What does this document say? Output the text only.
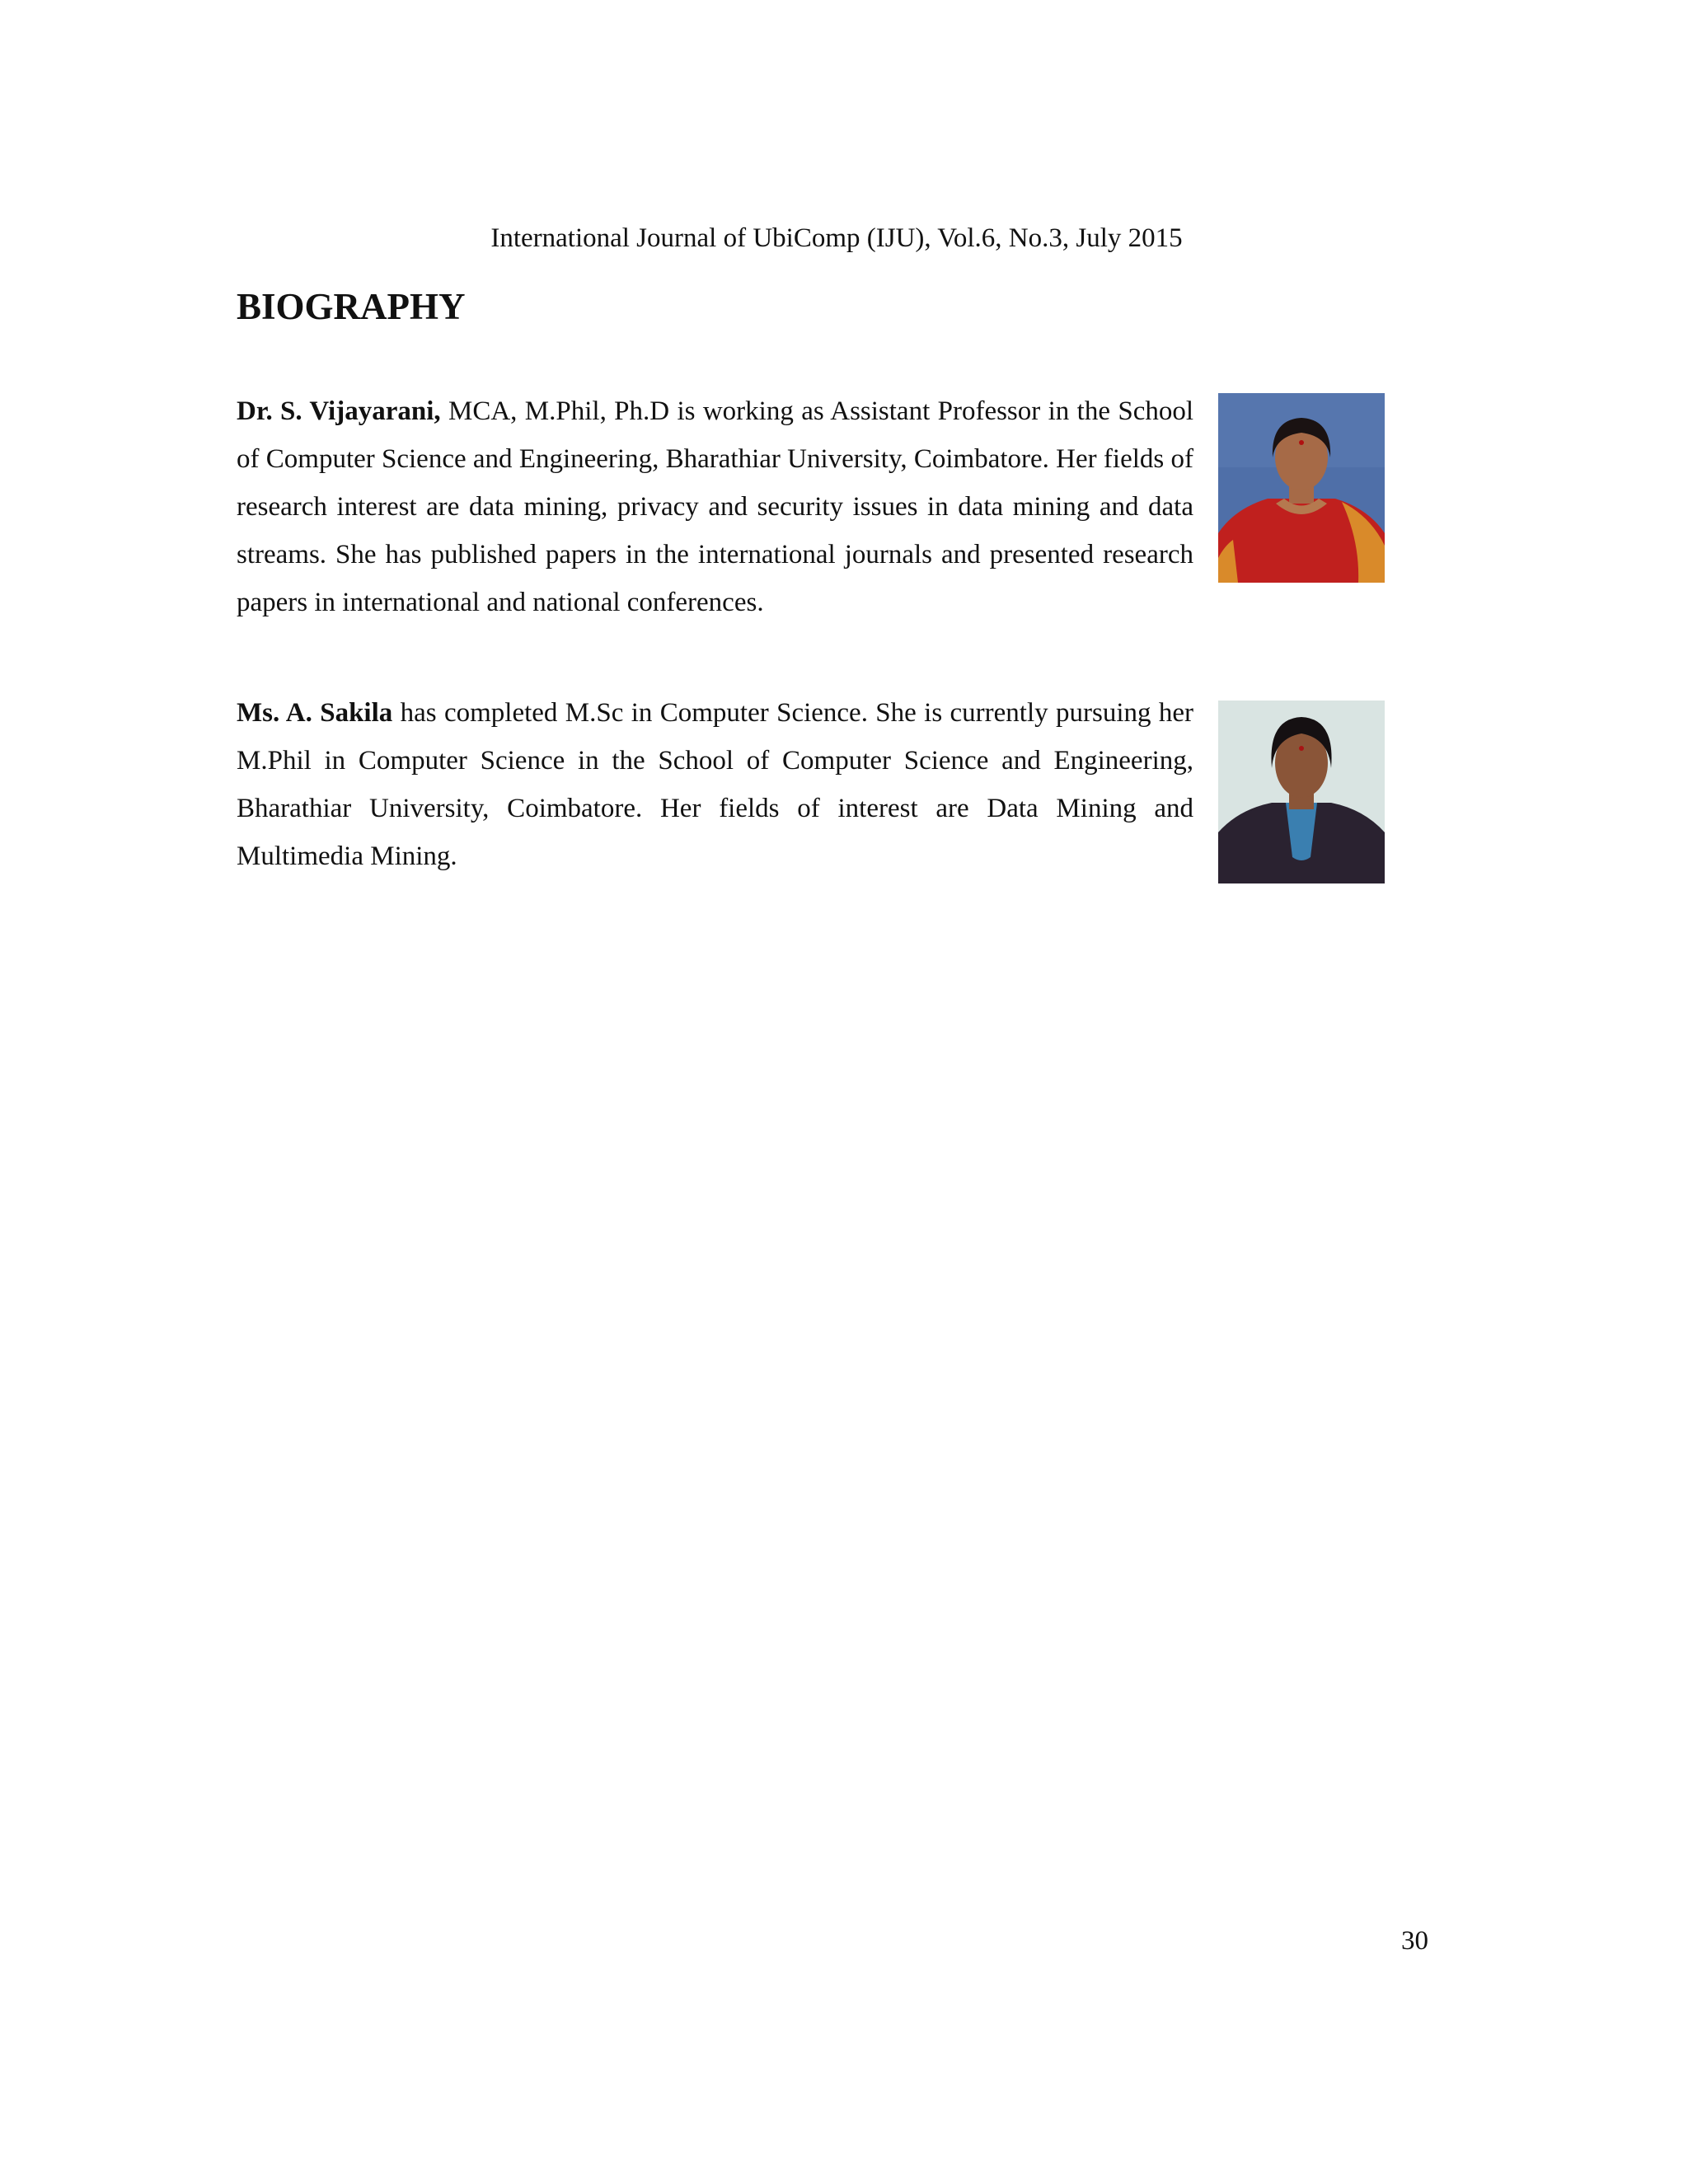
International Journal of UbiComp (IJU), Vol.6, No.3, July 2015
BIOGRAPHY

Dr. S. Vijayarani, MCA, M.Phil, Ph.D is working as Assistant Professor in the School of Computer Science and Engineering, Bharathiar University, Coimbatore. Her fields of research interest are data mining, privacy and security issues in data mining and data streams. She has published papers in the international journals and presented research papers in international and national conferences.

Ms. A. Sakila has completed M.Sc in Computer Science. She is currently pursuing her M.Phil in Computer Science in the School of Computer Science and Engineering, Bharathiar University, Coimbatore. Her fields of interest are Data Mining and Multimedia Mining.

30
